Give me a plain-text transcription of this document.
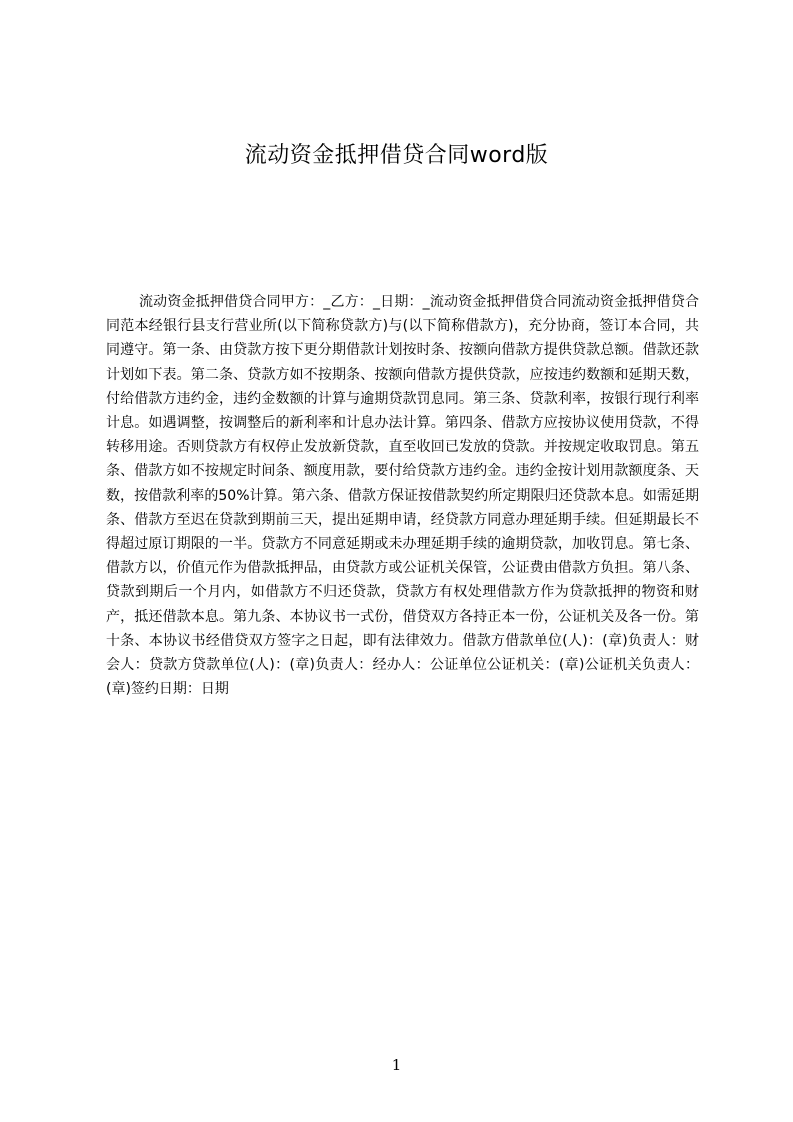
流动资金抵押借贷合同word版

流动资金抵押借贷合同甲方：_乙方：_日期：_流动资金抵押借贷合同流动资金抵押借贷合同范本经银行县支行营业所(以下简称贷款方)与(以下简称借款方)，充分协商，签订本合同，共同遵守。第一条、由贷款方按下更分期借款计划按时条、按额向借款方提供贷款总额。借款还款计划如下表。第二条、贷款方如不按期条、按额向借款方提供贷款，应按违约数额和延期天数，付给借款方违约金，违约金数额的计算与逾期贷款罚息同。第三条、贷款利率，按银行现行利率计息。如遇调整，按调整后的新利率和计息办法计算。第四条、借款方应按协议使用贷款，不得转移用途。否则贷款方有权停止发放新贷款，直至收回已发放的贷款。并按规定收取罚息。第五条、借款方如不按规定时间条、额度用款，要付给贷款方违约金。违约金按计划用款额度条、天数，按借款利率的50%计算。第六条、借款方保证按借款契约所定期限归还贷款本息。如需延期条、借款方至迟在贷款到期前三天，提出延期申请，经贷款方同意办理延期手续。但延期最长不得超过原订期限的一半。贷款方不同意延期或未办理延期手续的逾期贷款，加收罚息。第七条、借款方以，价值元作为借款抵押品，由贷款方或公证机关保管，公证费由借款方负担。第八条、贷款到期后一个月内，如借款方不归还贷款，贷款方有权处理借款方作为贷款抵押的物资和财产，抵还借款本息。第九条、本协议书一式份，借贷双方各持正本一份，公证机关及各一份。第十条、本协议书经借贷双方签字之日起，即有法律效力。借款方借款单位(人)：(章)负责人：财会人：贷款方贷款单位(人)：(章)负责人：经办人：公证单位公证机关：(章)公证机关负责人：(章)签约日期：日期

1
